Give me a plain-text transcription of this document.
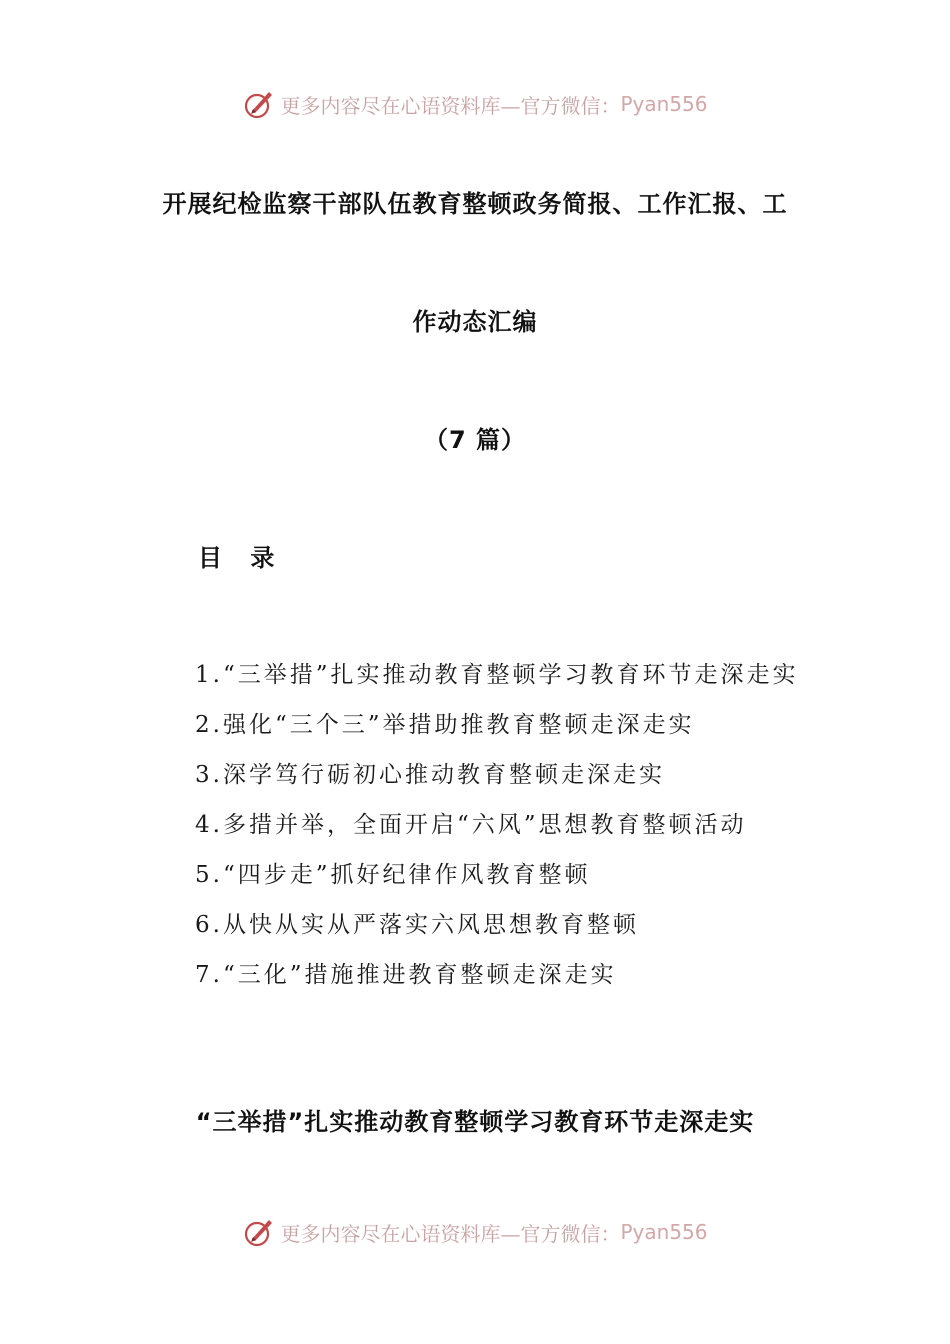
更多内容尽在心语资料库—官方微信： Pyan556
开展纪检监察干部队伍教育整顿政务简报、工作汇报、工
作动态汇编
（7 篇）
目 录
1.“三举措”扎实推动教育整顿学习教育环节走深走实
2.强化“三个三”举措助推教育整顿走深走实
3.深学笃行砺初心推动教育整顿走深走实
4.多措并举，全面开启“六风”思想教育整顿活动
5.“四步走”抓好纪律作风教育整顿
6.从快从实从严落实六风思想教育整顿
7.“三化”措施推进教育整顿走深走实
“三举措”扎实推动教育整顿学习教育环节走深走实
更多内容尽在心语资料库—官方微信： Pyan556
